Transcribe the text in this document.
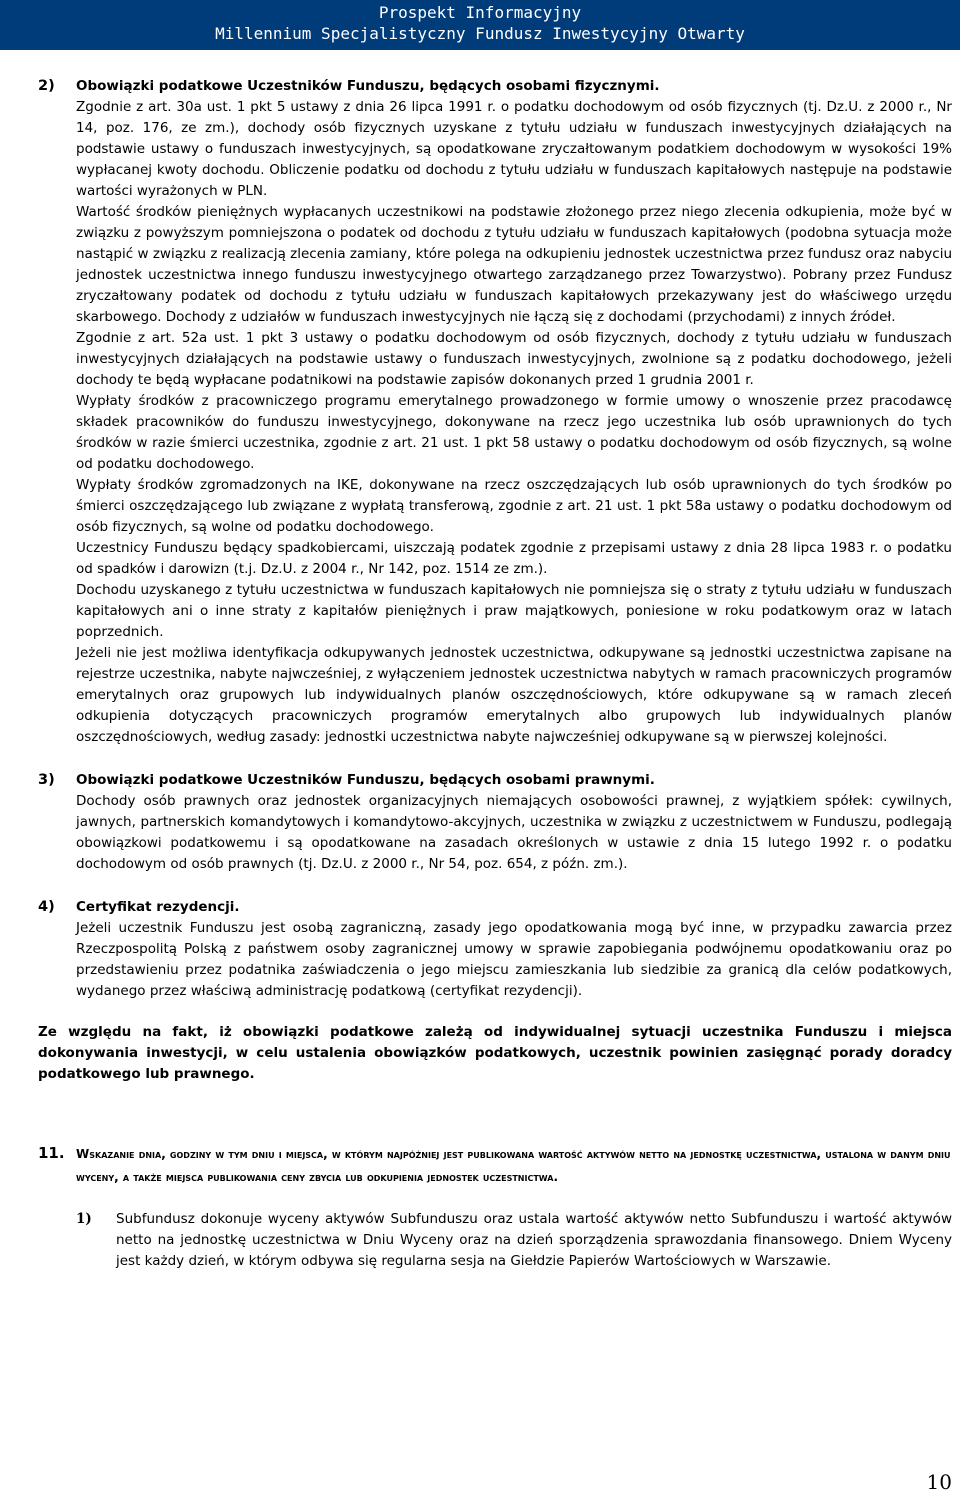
Prospekt Informacyjny
Millennium Specjalistyczny Fundusz Inwestycyjny Otwarty
2)	Obowiązki podatkowe Uczestników Funduszu, będących osobami fizycznymi.

Zgodnie z art. 30a ust. 1 pkt 5 ustawy z dnia 26 lipca 1991 r. o podatku dochodowym od osób fizycznych (tj. Dz.U. z 2000 r., Nr 14, poz. 176, ze zm.), dochody osób fizycznych uzyskane z tytułu udziału w funduszach inwestycyjnych działających na podstawie ustawy o funduszach inwestycyjnych, są opodatkowane zryczałtowanym podatkiem dochodowym w wysokości 19% wypłacanej kwoty dochodu. Obliczenie podatku od dochodu z tytułu udziału w funduszach kapitałowych następuje na podstawie wartości wyrażonych w PLN.

Wartość środków pieniężnych wypłacanych uczestnikowi na podstawie złożonego przez niego zlecenia odkupienia, może być w związku z powyższym pomniejszona o podatek od dochodu z tytułu udziału w funduszach kapitałowych (podobna sytuacja może nastąpić w związku z realizacją zlecenia zamiany, które polega na odkupieniu jednostek uczestnictwa przez fundusz oraz nabyciu jednostek uczestnictwa innego funduszu inwestycyjnego otwartego zarządzanego przez Towarzystwo). Pobrany przez Fundusz zryczałtowany podatek od dochodu z tytułu udziału w funduszach kapitałowych przekazywany jest do właściwego urzędu skarbowego. Dochody z udziałów w funduszach inwestycyjnych nie łączą się z dochodami (przychodami) z innych źródeł.

Zgodnie z art. 52a ust. 1 pkt 3 ustawy o podatku dochodowym od osób fizycznych, dochody z tytułu udziału w funduszach inwestycyjnych działających na podstawie ustawy o funduszach inwestycyjnych, zwolnione są z podatku dochodowego, jeżeli dochody te będą wypłacane podatnikowi na podstawie zapisów dokonanych przed 1 grudnia 2001 r.

Wypłaty środków z pracowniczego programu emerytalnego prowadzonego w formie umowy o wnoszenie przez pracodawcę składek pracowników do funduszu inwestycyjnego, dokonywane na rzecz jego uczestnika lub osób uprawnionych do tych środków w razie śmierci uczestnika, zgodnie z art. 21 ust. 1 pkt 58 ustawy o podatku dochodowym od osób fizycznych, są wolne od podatku dochodowego.

Wypłaty środków zgromadzonych na IKE, dokonywane na rzecz oszczędzających lub osób uprawnionych do tych środków po śmierci oszczędzającego lub związane z wypłatą transferową, zgodnie z art. 21 ust. 1 pkt 58a ustawy o podatku dochodowym od osób fizycznych, są wolne od podatku dochodowego.

Uczestnicy Funduszu będący spadkobiercami, uiszczają podatek zgodnie z przepisami ustawy z dnia 28 lipca 1983 r. o podatku od spadków i darowizn (t.j. Dz.U. z 2004 r., Nr 142, poz. 1514 ze zm.).

Dochodu uzyskanego z tytułu uczestnictwa w funduszach kapitałowych nie pomniejsza się o straty z tytułu udziału w funduszach kapitałowych ani o inne straty z kapitałów pieniężnych i praw majątkowych, poniesione w roku podatkowym oraz w latach poprzednich.

Jeżeli nie jest możliwa identyfikacja odkupywanych jednostek uczestnictwa, odkupywane są jednostki uczestnictwa zapisane na rejestrze uczestnika, nabyte najwcześniej, z wyłączeniem jednostek uczestnictwa nabytych w ramach pracowniczych programów emerytalnych oraz grupowych lub indywidualnych planów oszczędnościowych, które odkupywane są w ramach zleceń odkupienia dotyczących pracowniczych programów emerytalnych albo grupowych lub indywidualnych planów oszczędnościowych, według zasady: jednostki uczestnictwa nabyte najwcześniej odkupywane są w pierwszej kolejności.

3)	Obowiązki podatkowe Uczestników Funduszu, będących osobami prawnymi.

Dochody osób prawnych oraz jednostek organizacyjnych niemających osobowości prawnej, z wyjątkiem spółek: cywilnych, jawnych, partnerskich komandytowych i komandytowo-akcyjnych, uczestnika w związku z uczestnictwem w Funduszu, podlegają obowiązkowi podatkowemu i są opodatkowane na zasadach określonych w ustawie z dnia 15 lutego 1992 r. o podatku dochodowym od osób prawnych (tj. Dz.U. z 2000 r., Nr 54, poz. 654, z późn. zm.).

4)	Certyfikat rezydencji.

Jeżeli uczestnik Funduszu jest osobą zagraniczną, zasady jego opodatkowania mogą być inne, w przypadku zawarcia przez Rzeczpospolitą Polską z państwem osoby zagranicznej umowy w sprawie zapobiegania podwójnemu opodatkowaniu oraz po przedstawieniu przez podatnika zaświadczenia o jego miejscu zamieszkania lub siedzibie za granicą dla celów podatkowych, wydanego przez właściwą administrację podatkową (certyfikat rezydencji).

Ze względu na fakt, iż obowiązki podatkowe zależą od indywidualnej sytuacji uczestnika Funduszu i miejsca dokonywania inwestycji, w celu ustalenia obowiązków podatkowych, uczestnik powinien zasięgnąć porady doradcy podatkowego lub prawnego.

11. Wskazanie dnia, godziny w tym dniu i miejsca, w którym najpóźniej jest publikowana wartość aktywów netto na jednostkę uczestnictwa, ustalona w danym dniu wyceny, a także miejsca publikowania ceny zbycia lub odkupienia jednostek uczestnictwa.
1)	Subfundusz dokonuje wyceny aktywów Subfunduszu oraz ustala wartość aktywów netto Subfunduszu i wartość aktywów netto na jednostkę uczestnictwa w Dniu Wyceny oraz na dzień sporządzenia sprawozdania finansowego. Dniem Wyceny jest każdy dzień, w którym odbywa się regularna sesja na Giełdzie Papierów Wartościowych w Warszawie.
10
